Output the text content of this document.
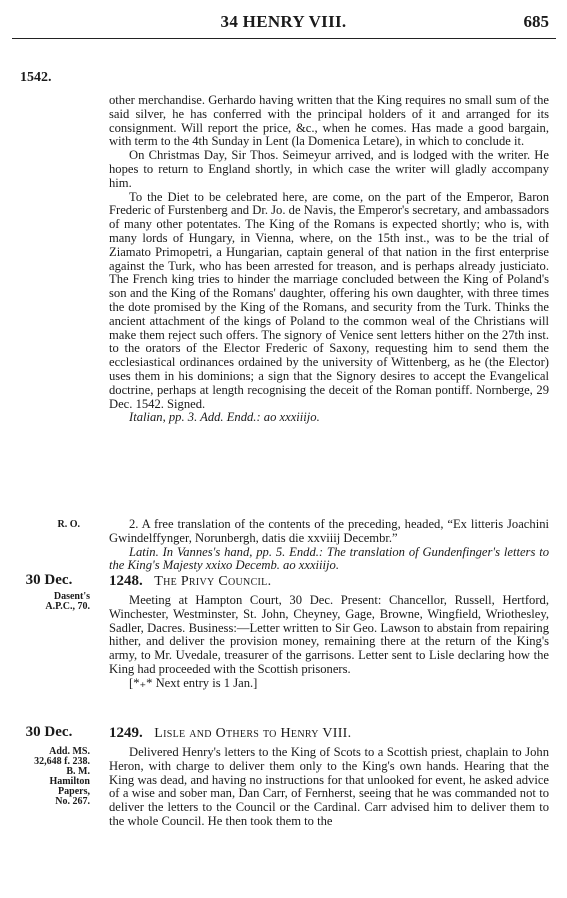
34 HENRY VIII.	685
1542.

other merchandise. Gerhardo having written that the King requires no small sum of the said silver, he has conferred with the principal holders of it and arranged for its consignment. Will report the price, &c., when he comes. Has made a good bargain, with term to the 4th Sunday in Lent (la Domenica Letare), in which to conclude it.

On Christmas Day, Sir Thos. Seimeyur arrived, and is lodged with the writer. He hopes to return to England shortly, in which case the writer will gladly accompany him.

To the Diet to be celebrated here, are come, on the part of the Emperor, Baron Frederic of Furstenberg and Dr. Jo. de Navis, the Emperor's secretary, and ambassadors of many other potentates. The King of the Romans is expected shortly; who is, with many lords of Hungary, in Vienna, where, on the 15th inst., was to be the trial of Ziamato Primopetri, a Hungarian, captain general of that nation in the first enterprise against the Turk, who has been arrested for treason, and is perhaps already justiciato. The French king tries to hinder the marriage concluded between the King of Poland's son and the King of the Romans' daughter, offering his own daughter, with three times the dote promised by the King of the Romans, and security from the Turk. Thinks the ancient attachment of the kings of Poland to the common weal of the Christians will make them reject such offers. The signory of Venice sent letters hither on the 27th inst. to the orators of the Elector Frederic of Saxony, requesting him to send them the ecclesiastical ordinances ordained by the university of Wittenberg, as he (the Elector) uses them in his dominions; a sign that the Signory desires to accept the Evangelical doctrine, perhaps at length recognising the deceit of the Roman pontiff. Nornberge, 29 Dec. 1542. Signed.

Italian, pp. 3. Add. Endd.: ao xxxiiijo.

R. O.	2. A free translation of the contents of the preceding, headed, “Ex litteris Joachini Gwindelffynger, Norunbergh, datis die xxviiij Decembr.”

Latin. In Vannes's hand, pp. 5. Endd.: The translation of Gundenfinger's letters to the King's Majesty xxixo Decemb. ao xxxiiijo.

30 Dec.	1248. The Privy Council.
Dasent's
A.P.C., 70.	Meeting at Hampton Court, 30 Dec. Present: Chancellor, Russell, Hertford, Winchester, Westminster, St. John, Cheyney, Gage, Browne, Wingfield, Wriothesley, Sadler, Dacres. Business:—Letter written to Sir Geo. Lawson to abstain from repairing hither, and deliver the provision money, remaining there at the return of the King's army, to Mr. Uvedale, treasurer of the garrisons. Letter sent to Lisle declaring how the King had proceeded with the Scottish prisoners.

[*₊* Next entry is 1 Jan.]

30 Dec.	1249. Lisle and Others to Henry VIII.
Add. MS.
32,648 f. 238.
B. M.
Hamilton
Papers,
No. 267.

Delivered Henry's letters to the King of Scots to a Scottish priest, chaplain to John Heron, with charge to deliver them only to the King's own hands. Hearing that the King was dead, and having no instructions for that unlooked for event, he asked advice of a wise and sober man, Dan Carr, of Fernherst, seeing that he was commanded not to deliver the letters to the Council or the Cardinal. Carr advised him to deliver them to the whole Council. He then took them to the
